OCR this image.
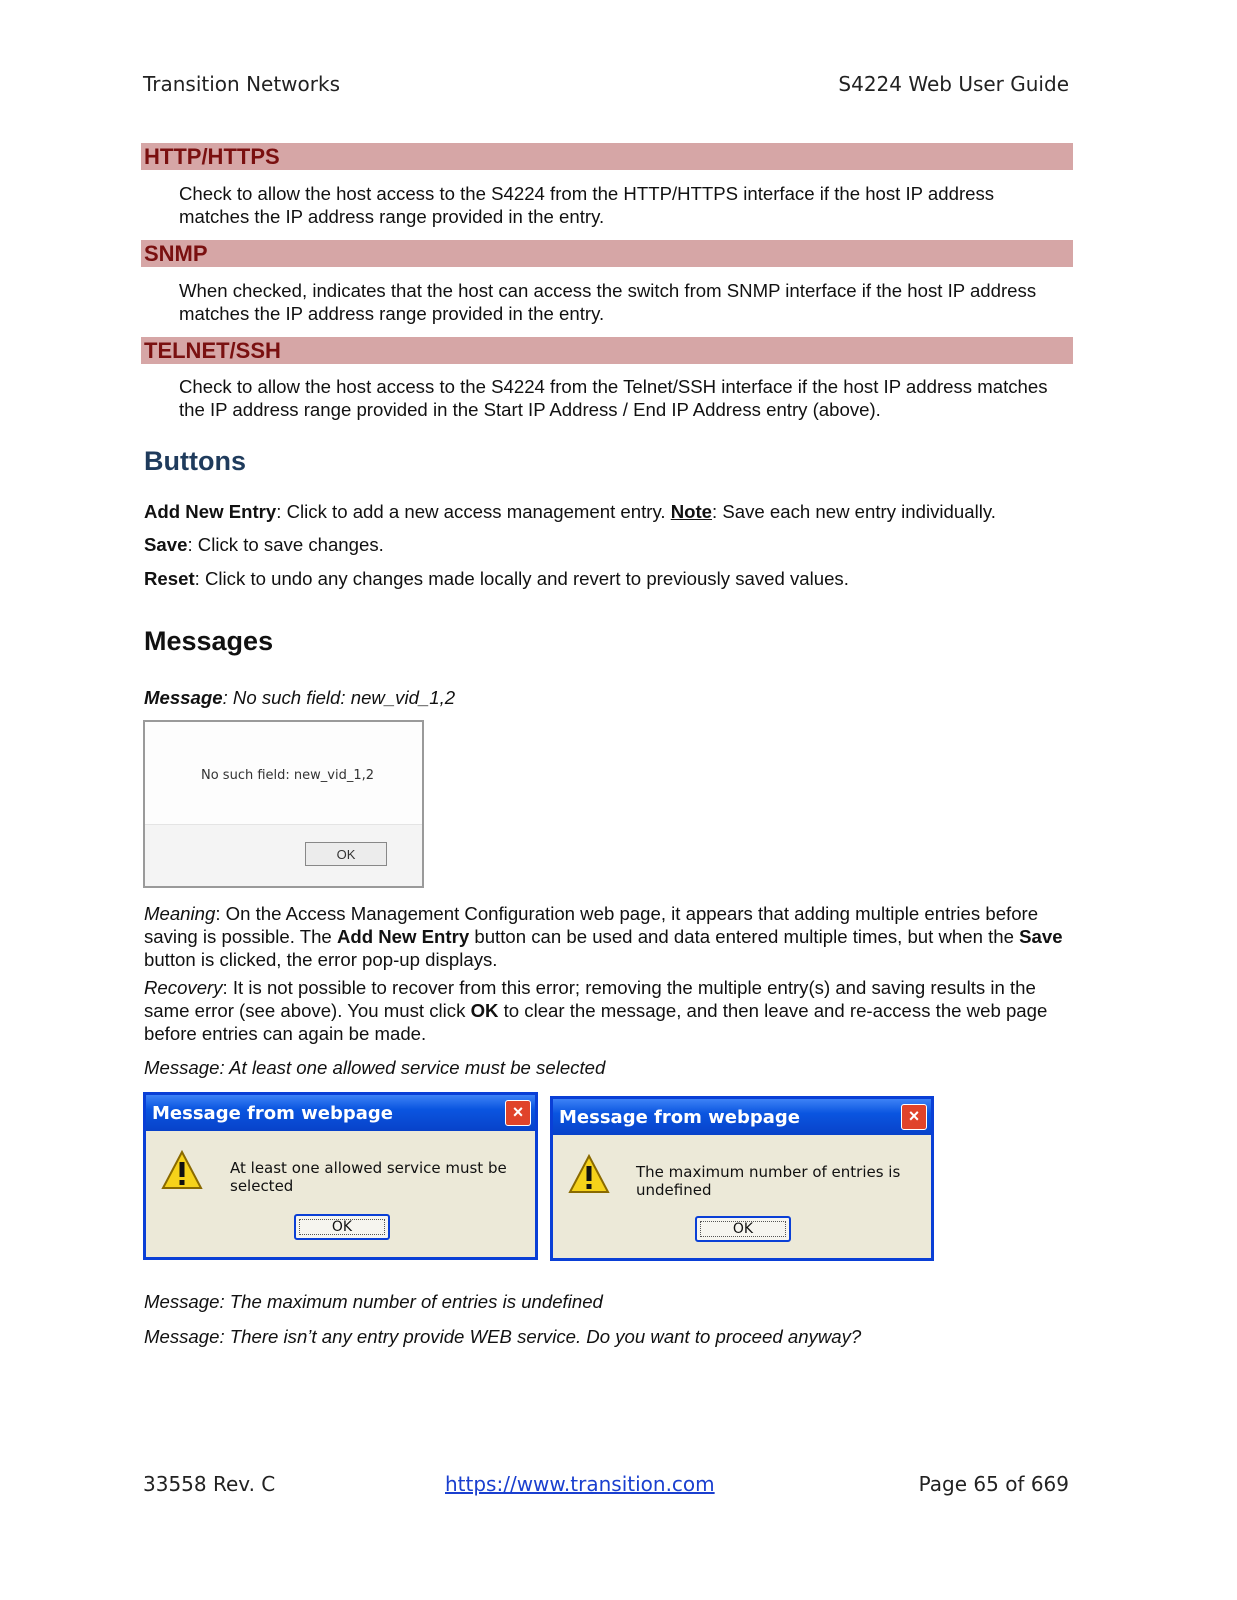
Transition Networks	S4224 Web User Guide
HTTP/HTTPS
Check to allow the host access to the S4224 from the HTTP/HTTPS interface if the host IP address matches the IP address range provided in the entry.
SNMP
When checked, indicates that the host can access the switch from SNMP interface if the host IP address matches the IP address range provided in the entry.
TELNET/SSH
Check to allow the host access to the S4224 from the Telnet/SSH interface if the host IP address matches the IP address range provided in the Start IP Address / End IP Address entry (above).
Buttons
Add New Entry: Click to add a new access management entry. Note: Save each new entry individually.
Save: Click to save changes.
Reset: Click to undo any changes made locally and revert to previously saved values.
Messages
Message: No such field: new_vid_1,2
No such field: new_vid_1,2
OK
Meaning: On the Access Management Configuration web page, it appears that adding multiple entries before saving is possible. The Add New Entry button can be used and data entered multiple times, but when the Save button is clicked, the error pop-up displays.
Recovery: It is not possible to recover from this error; removing the multiple entry(s) and saving results in the same error (see above). You must click OK to clear the message, and then leave and re-access the web page before entries can again be made.
Message: At least one allowed service must be selected
Message from webpage	×
At least one allowed service must be selected
OK
Message from webpage	×
The maximum number of entries is undefined
OK
Message: The maximum number of entries is undefined
Message: There isn’t any entry provide WEB service. Do you want to proceed anyway?
33558 Rev. C	https://www.transition.com	Page 65 of 669
